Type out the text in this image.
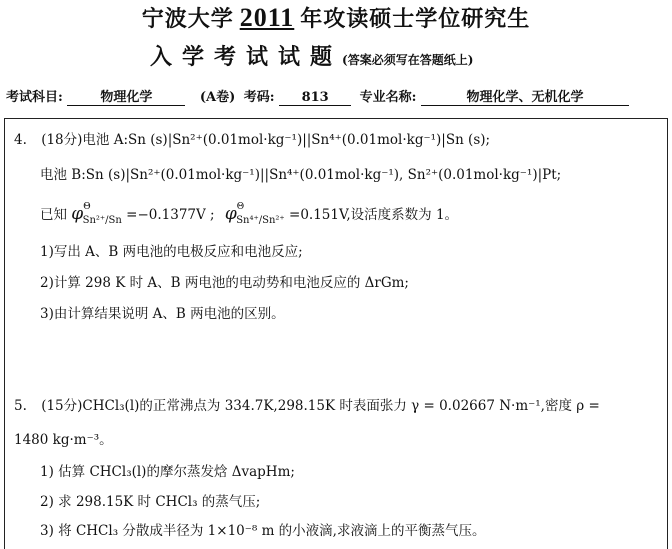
宁波大学 2011 年攻读硕士学位研究生
入学考试试题(答案必须写在答题纸上)
考试科目:	物理化学	(A卷) 考码: 813 专业名称:	物理化学、无机化学
4. (18分)电池 A:Sn (s)|Sn²⁺(0.01mol·kg⁻¹)||Sn⁴⁺(0.01mol·kg⁻¹)|Sn (s);
电池 B:Sn (s)|Sn²⁺(0.01mol·kg⁻¹)||Sn⁴⁺(0.01mol·kg⁻¹), Sn²⁺(0.01mol·kg⁻¹)|Pt;
已知 $\varphi^\Theta_{Sn^{2+}/Sn} =-0.1377V$ ; $\varphi^\Theta_{Sn^{4+}/Sn^{2+}} =0.151V$,设活度系数为 1。
1)写出 A、B 两电池的电极反应和电池反应;
2)计算 298 K 时 A、B 两电池的电动势和电池反应的 ΔrGm;
3)由计算结果说明 A、B 两电池的区别。
5. (15分)CHCl₃(l)的正常沸点为 334.7K,298.15K 时表面张力 γ = 0.02667 N·m⁻¹,密度 ρ =
1480 kg·m⁻³。
1) 估算 CHCl₃(l)的摩尔蒸发焓 ΔvapHm;
2) 求 298.15K 时 CHCl₃ 的蒸气压;
3) 将 CHCl₃ 分散成半径为 1×10⁻⁸ m 的小液滴,求液滴上的平衡蒸气压。
